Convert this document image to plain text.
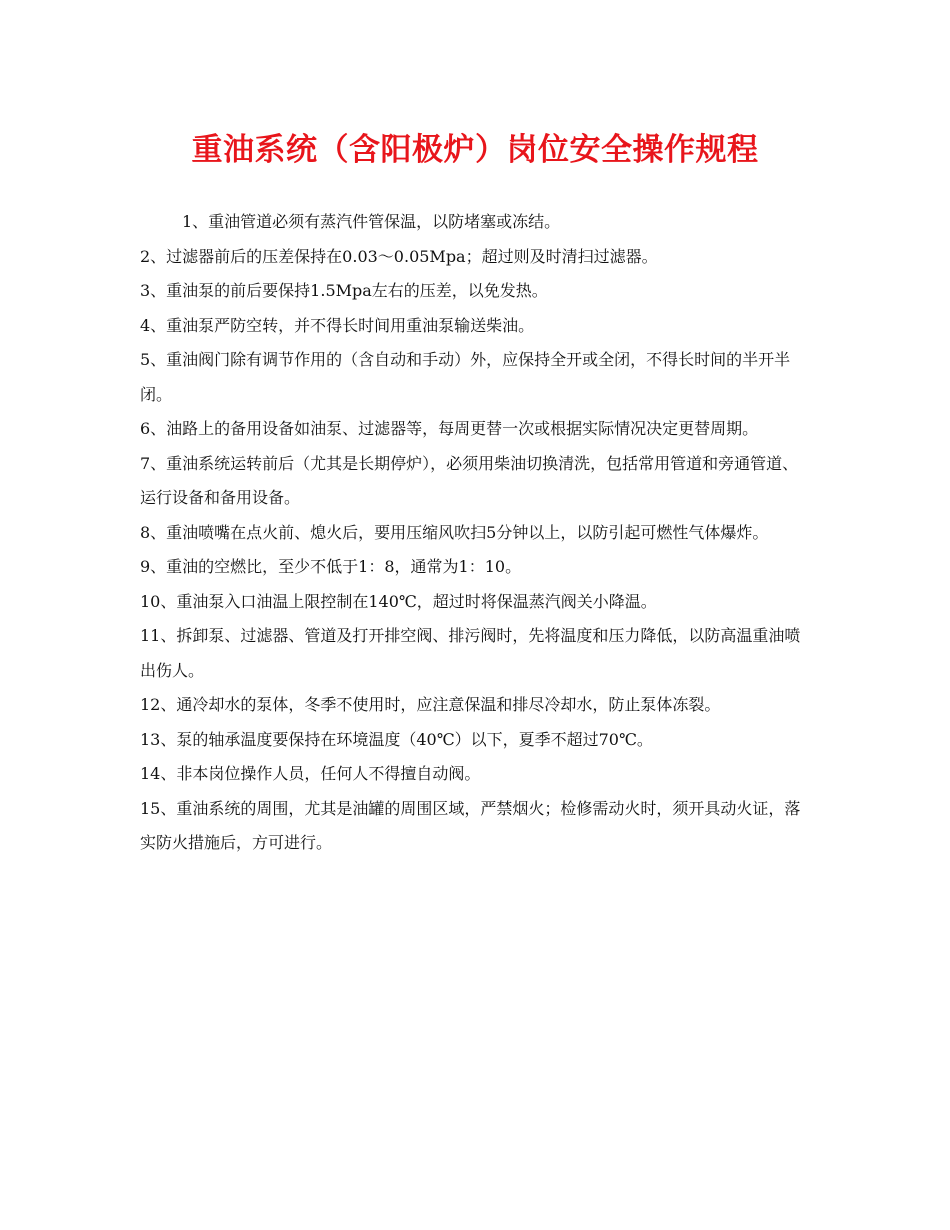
重油系统（含阳极炉）岗位安全操作规程

1、重油管道必须有蒸汽件管保温，以防堵塞或冻结。

2、过滤器前后的压差保持在0.03～0.05Mpa；超过则及时清扫过滤器。

3、重油泵的前后要保持1.5Mpa左右的压差，以免发热。

4、重油泵严防空转，并不得长时间用重油泵输送柴油。

5、重油阀门除有调节作用的（含自动和手动）外，应保持全开或全闭，不得长时间的半开半闭。

6、油路上的备用设备如油泵、过滤器等，每周更替一次或根据实际情况决定更替周期。

7、重油系统运转前后（尤其是长期停炉），必须用柴油切换清洗，包括常用管道和旁通管道、运行设备和备用设备。

8、重油喷嘴在点火前、熄火后，要用压缩风吹扫5分钟以上，以防引起可燃性气体爆炸。

9、重油的空燃比，至少不低于1：8，通常为1：10。

10、重油泵入口油温上限控制在140℃，超过时将保温蒸汽阀关小降温。

11、拆卸泵、过滤器、管道及打开排空阀、排污阀时，先将温度和压力降低，以防高温重油喷出伤人。

12、通冷却水的泵体，冬季不使用时，应注意保温和排尽冷却水，防止泵体冻裂。

13、泵的轴承温度要保持在环境温度（40℃）以下，夏季不超过70℃。

14、非本岗位操作人员，任何人不得擅自动阀。

15、重油系统的周围，尤其是油罐的周围区域，严禁烟火；检修需动火时，须开具动火证，落实防火措施后，方可进行。
